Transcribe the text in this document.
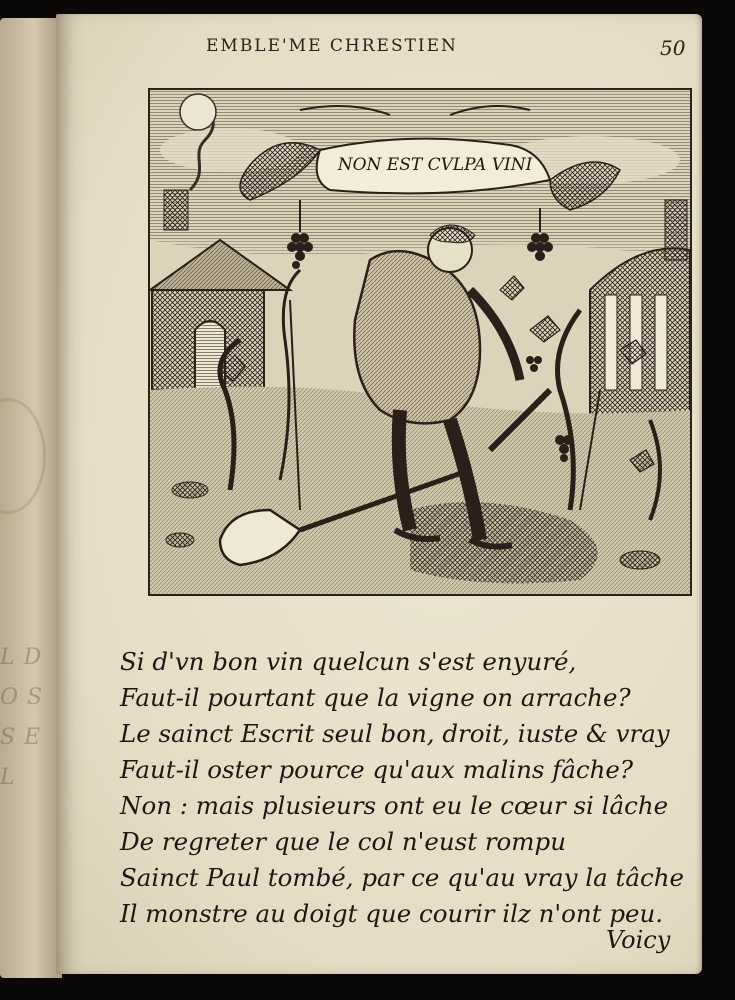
L D O S S E L
EMBLE'ME CHRESTIEN	50
NON EST CVLPA VINI
Si d'vn bon vin quelcun s'est enyuré,
Faut-il pourtant que la vigne on arrache?
Le sainct Escrit seul bon, droit, iuste & vray
Faut-il oster pource qu'aux malins fâche?
Non : mais plusieurs ont eu le cœur si lâche
De regreter que le col n'eust rompu
Sainct Paul tombé, par ce qu'au vray la tâche
Il monstre au doigt que courir ilz n'ont peu.
Voicy
